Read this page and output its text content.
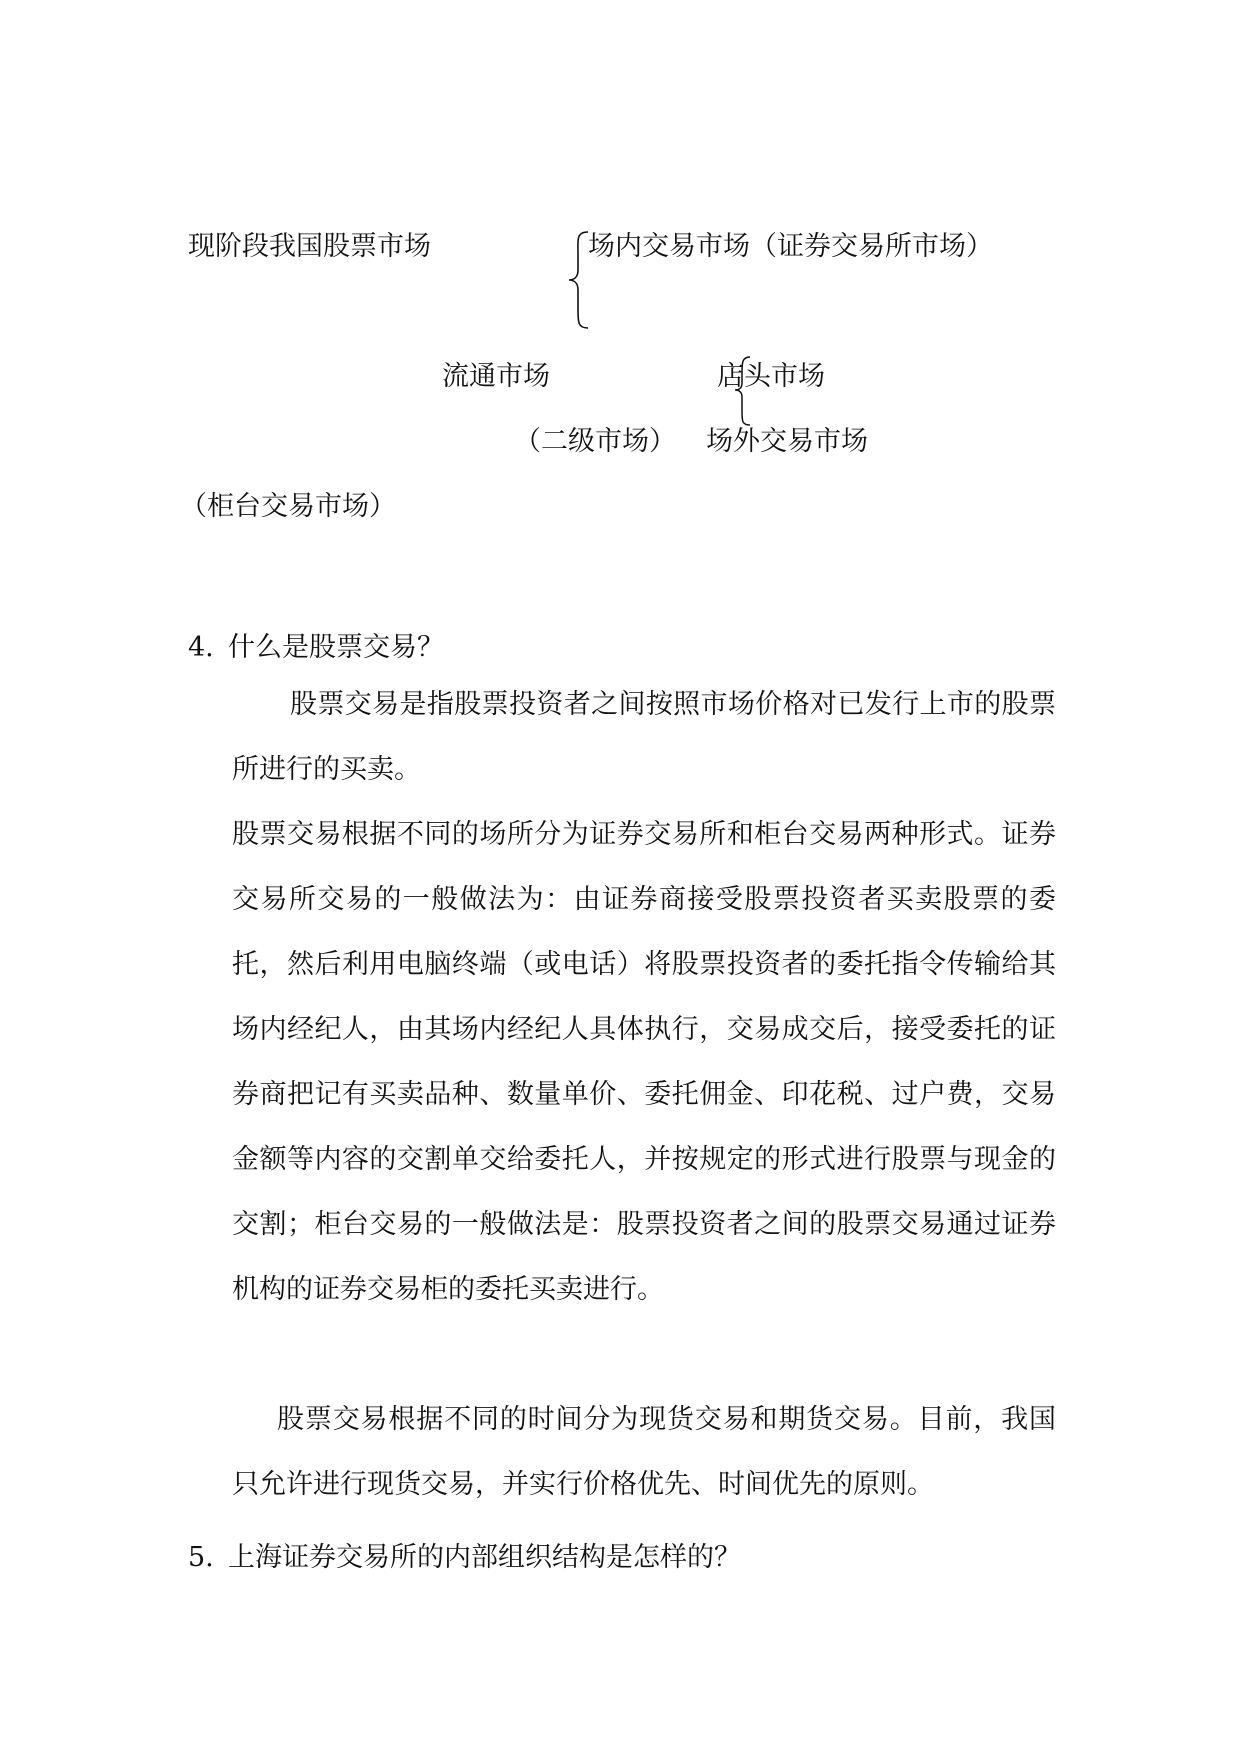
现阶段我国股票市场	场内交易市场（证券交易所市场）
流通市场	店头市场
（二级市场） 场外交易市场
（柜台交易市场）
4. 什么是股票交易？
股票交易是指股票投资者之间按照市场价格对已发行上市的股票所进行的买卖。
股票交易根据不同的场所分为证券交易所和柜台交易两种形式。证券交易所交易的一般做法为：由证券商接受股票投资者买卖股票的委托，然后利用电脑终端（或电话）将股票投资者的委托指令传输给其场内经纪人，由其场内经纪人具体执行，交易成交后，接受委托的证券商把记有买卖品种、数量单价、委托佣金、印花税、过户费，交易金额等内容的交割单交给委托人，并按规定的形式进行股票与现金的交割；柜台交易的一般做法是：股票投资者之间的股票交易通过证券机构的证券交易柜的委托买卖进行。
股票交易根据不同的时间分为现货交易和期货交易。目前，我国只允许进行现货交易，并实行价格优先、时间优先的原则。
5. 上海证券交易所的内部组织结构是怎样的？
